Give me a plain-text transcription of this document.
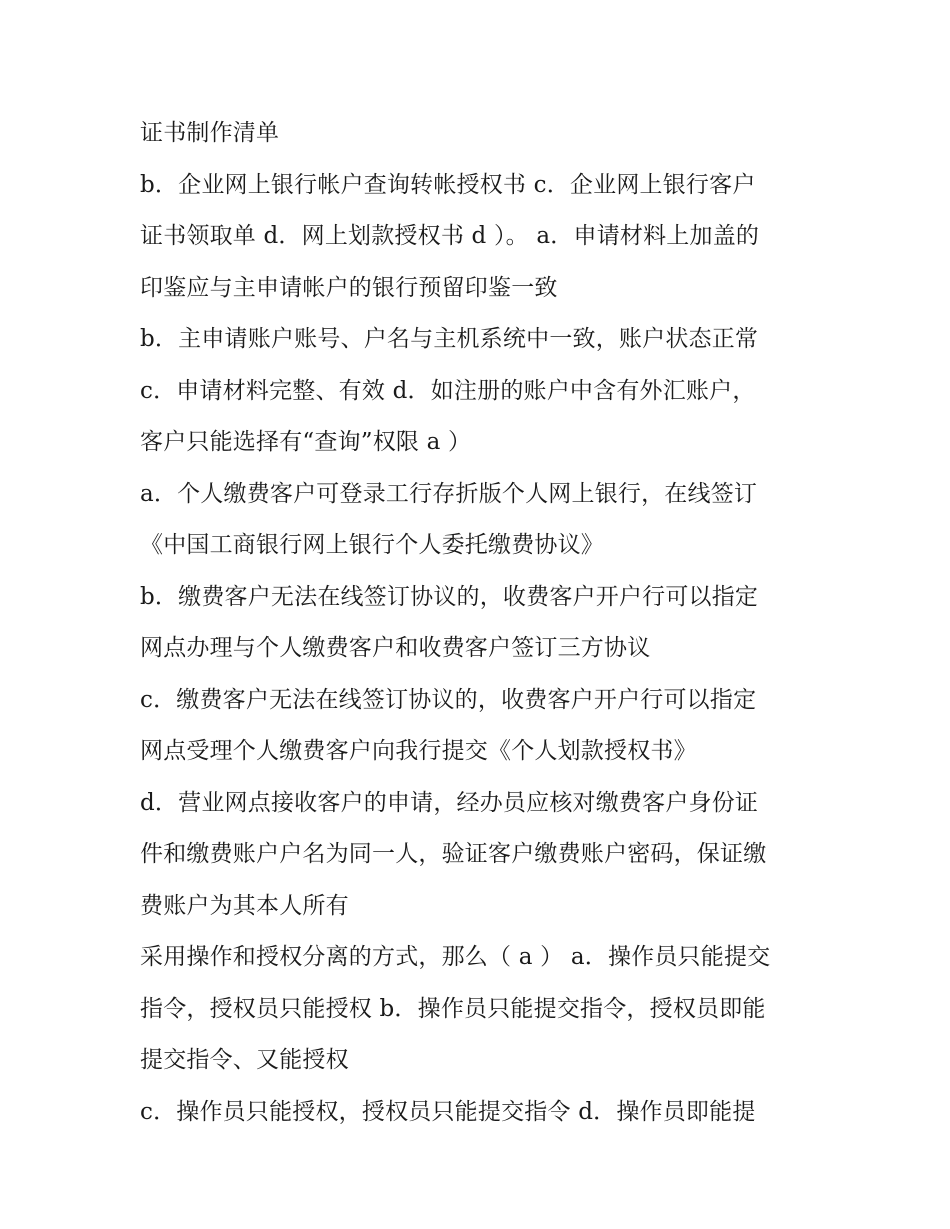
证书制作清单
b．企业网上银行帐户查询转帐授权书 c．企业网上银行客户
证书领取单 d．网上划款授权书 d ）。 a．申请材料上加盖的
印鉴应与主申请帐户的银行预留印鉴一致
b．主申请账户账号、户名与主机系统中一致，账户状态正常
c．申请材料完整、有效 d．如注册的账户中含有外汇账户，
客户只能选择有“查询”权限 a ）
a．个人缴费客户可登录工行存折版个人网上银行，在线签订
《中国工商银行网上银行个人委托缴费协议》
b．缴费客户无法在线签订协议的，收费客户开户行可以指定
网点办理与个人缴费客户和收费客户签订三方协议
c．缴费客户无法在线签订协议的，收费客户开户行可以指定
网点受理个人缴费客户向我行提交《个人划款授权书》
d．营业网点接收客户的申请，经办员应核对缴费客户身份证
件和缴费账户户名为同一人，验证客户缴费账户密码，保证缴
费账户为其本人所有
采用操作和授权分离的方式，那么（ a ） a．操作员只能提交
指令，授权员只能授权 b．操作员只能提交指令，授权员即能
提交指令、又能授权
c．操作员只能授权，授权员只能提交指令 d．操作员即能提
